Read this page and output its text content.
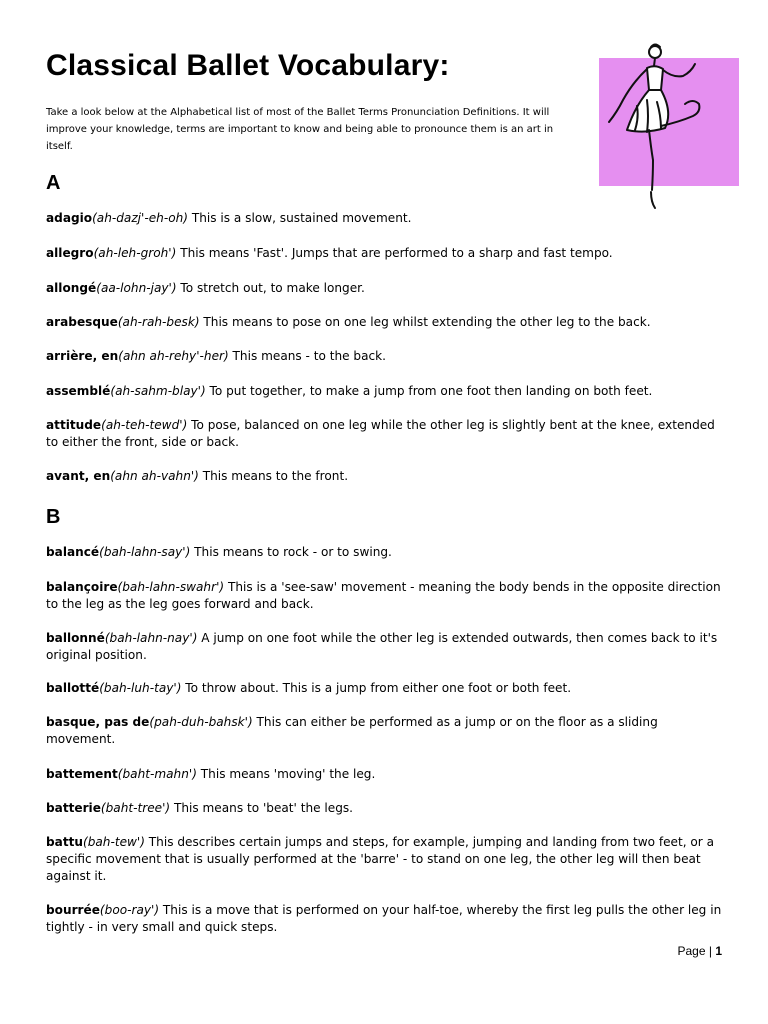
Classical Ballet Vocabulary:

Take a look below at the Alphabetical list of most of the Ballet Terms Pronunciation Definitions. It will improve your knowledge, terms are important to know and being able to pronounce them is an art in itself.

A

adagio(ah-dazj'-eh-oh) This is a slow, sustained movement.

allegro(ah-leh-groh') This means 'Fast'. Jumps that are performed to a sharp and fast tempo.

allongé(aa-lohn-jay') To stretch out, to make longer.

arabesque(ah-rah-besk) This means to pose on one leg whilst extending the other leg to the back.

arrière, en(ahn ah-rehy'-her) This means - to the back.

assemblé(ah-sahm-blay') To put together, to make a jump from one foot then landing on both feet.

attitude(ah-teh-tewd') To pose, balanced on one leg while the other leg is slightly bent at the knee, extended to either the front, side or back.

avant, en(ahn ah-vahn') This means to the front.

B

balancé(bah-lahn-say') This means to rock - or to swing.

balançoire(bah-lahn-swahr') This is a 'see-saw' movement - meaning the body bends in the opposite direction to the leg as the leg goes forward and back.

ballonné(bah-lahn-nay') A jump on one foot while the other leg is extended outwards, then comes back to it's original position.

ballotté(bah-luh-tay') To throw about. This is a jump from either one foot or both feet.

basque, pas de(pah-duh-bahsk') This can either be performed as a jump or on the floor as a sliding movement.

battement(baht-mahn') This means 'moving' the leg.

batterie(baht-tree') This means to 'beat' the legs.

battu(bah-tew') This describes certain jumps and steps, for example, jumping and landing from two feet, or a specific movement that is usually performed at the 'barre' - to stand on one leg, the other leg will then beat against it.

bourrée(boo-ray') This is a move that is performed on your half-toe, whereby the first leg pulls the other leg in tightly - in very small and quick steps.

Page | 1
